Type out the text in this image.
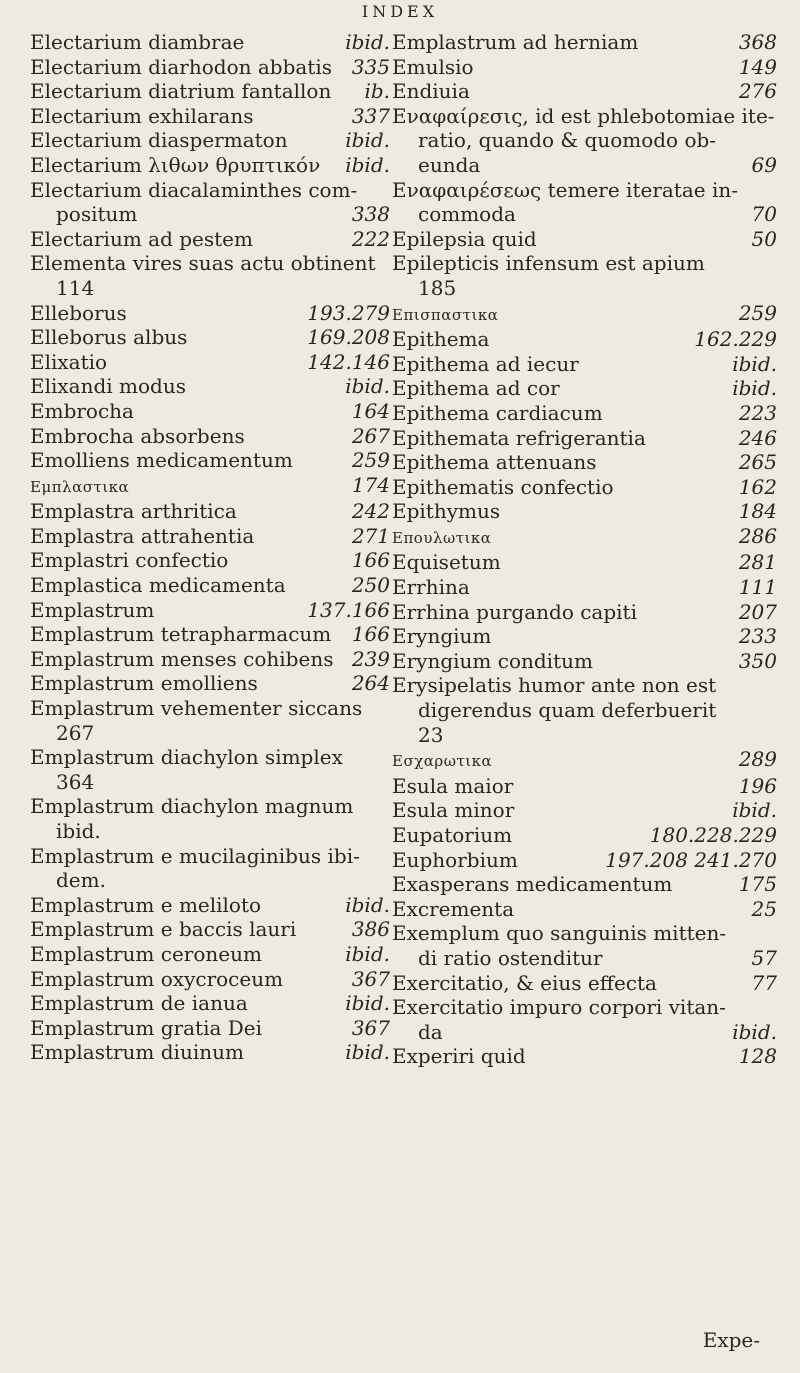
INDEX
Electarium diambrae	ibid.
Electarium diarhodon abbatis 335
Electarium diatrium fantallon	ib.
Electarium exhilarans	337
Electarium diaspermaton	ibid.
Electarium λιθων θρυπτικόν	ibid.
Electarium diacalaminthes com-
positum	338
Electarium ad pestem	222
Elementa vires suas actu obtinent
114
Elleborus	193.279
Elleborus albus	169.208
Elixatio	142.146
Elixandi modus	ibid.
Embrocha	164
Embrocha absorbens	267
Emolliens medicamentum	259
Εμπλαστικα	174
Emplastra arthritica	242
Emplastra attrahentia	271
Emplastri confectio	166
Emplastica medicamenta	250
Emplastrum	137.166
Emplastrum tetrapharmacum	166
Emplastrum menses cohibens 239
Emplastrum emolliens	264
Emplastrum vehementer siccans
267
Emplastrum diachylon simplex
364
Emplastrum diachylon magnum
ibid.
Emplastrum e mucilaginibus ibi-
dem.
Emplastrum e meliloto	ibid.
Emplastrum e baccis lauri	386
Emplastrum ceroneum	ibid.
Emplastrum oxycroceum	367
Emplastrum de ianua	ibid.
Emplastrum gratia Dei	367
Emplastrum diuinum	ibid.
Emplastrum ad herniam	368
Emulsio	149
Endiuia	276
Εναφαίρεσις, id est phlebotomiae ite-
ratio, quando & quomodo ob-
eunda	69
Εναφαιρέσεως temere iteratae in-
commoda	70
Epilepsia quid	50
Epilepticis infensum est apium
185
Επισπαστικα	259
Epithema	162.229
Epithema ad iecur	ibid.
Epithema ad cor	ibid.
Epithema cardiacum	223
Epithemata refrigerantia	246
Epithema attenuans	265
Epithematis confectio	162
Epithymus	184
Επουλωτικα	286
Equisetum	281
Errhina	111
Errhina purgando capiti	207
Eryngium	233
Eryngium conditum	350
Erysipelatis humor ante non est
digerendus quam deferbuerit
23
Εσχαρωτικα	289
Esula maior	196
Esula minor	ibid.
Eupatorium	180.228.229
Euphorbium	197.208 241.270
Exasperans medicamentum	175
Excrementa	25
Exemplum quo sanguinis mitten-
di ratio ostenditur	57
Exercitatio, & eius effecta	77
Exercitatio impuro corpori vitan-
da	ibid.
Experiri quid	128
Expe-
